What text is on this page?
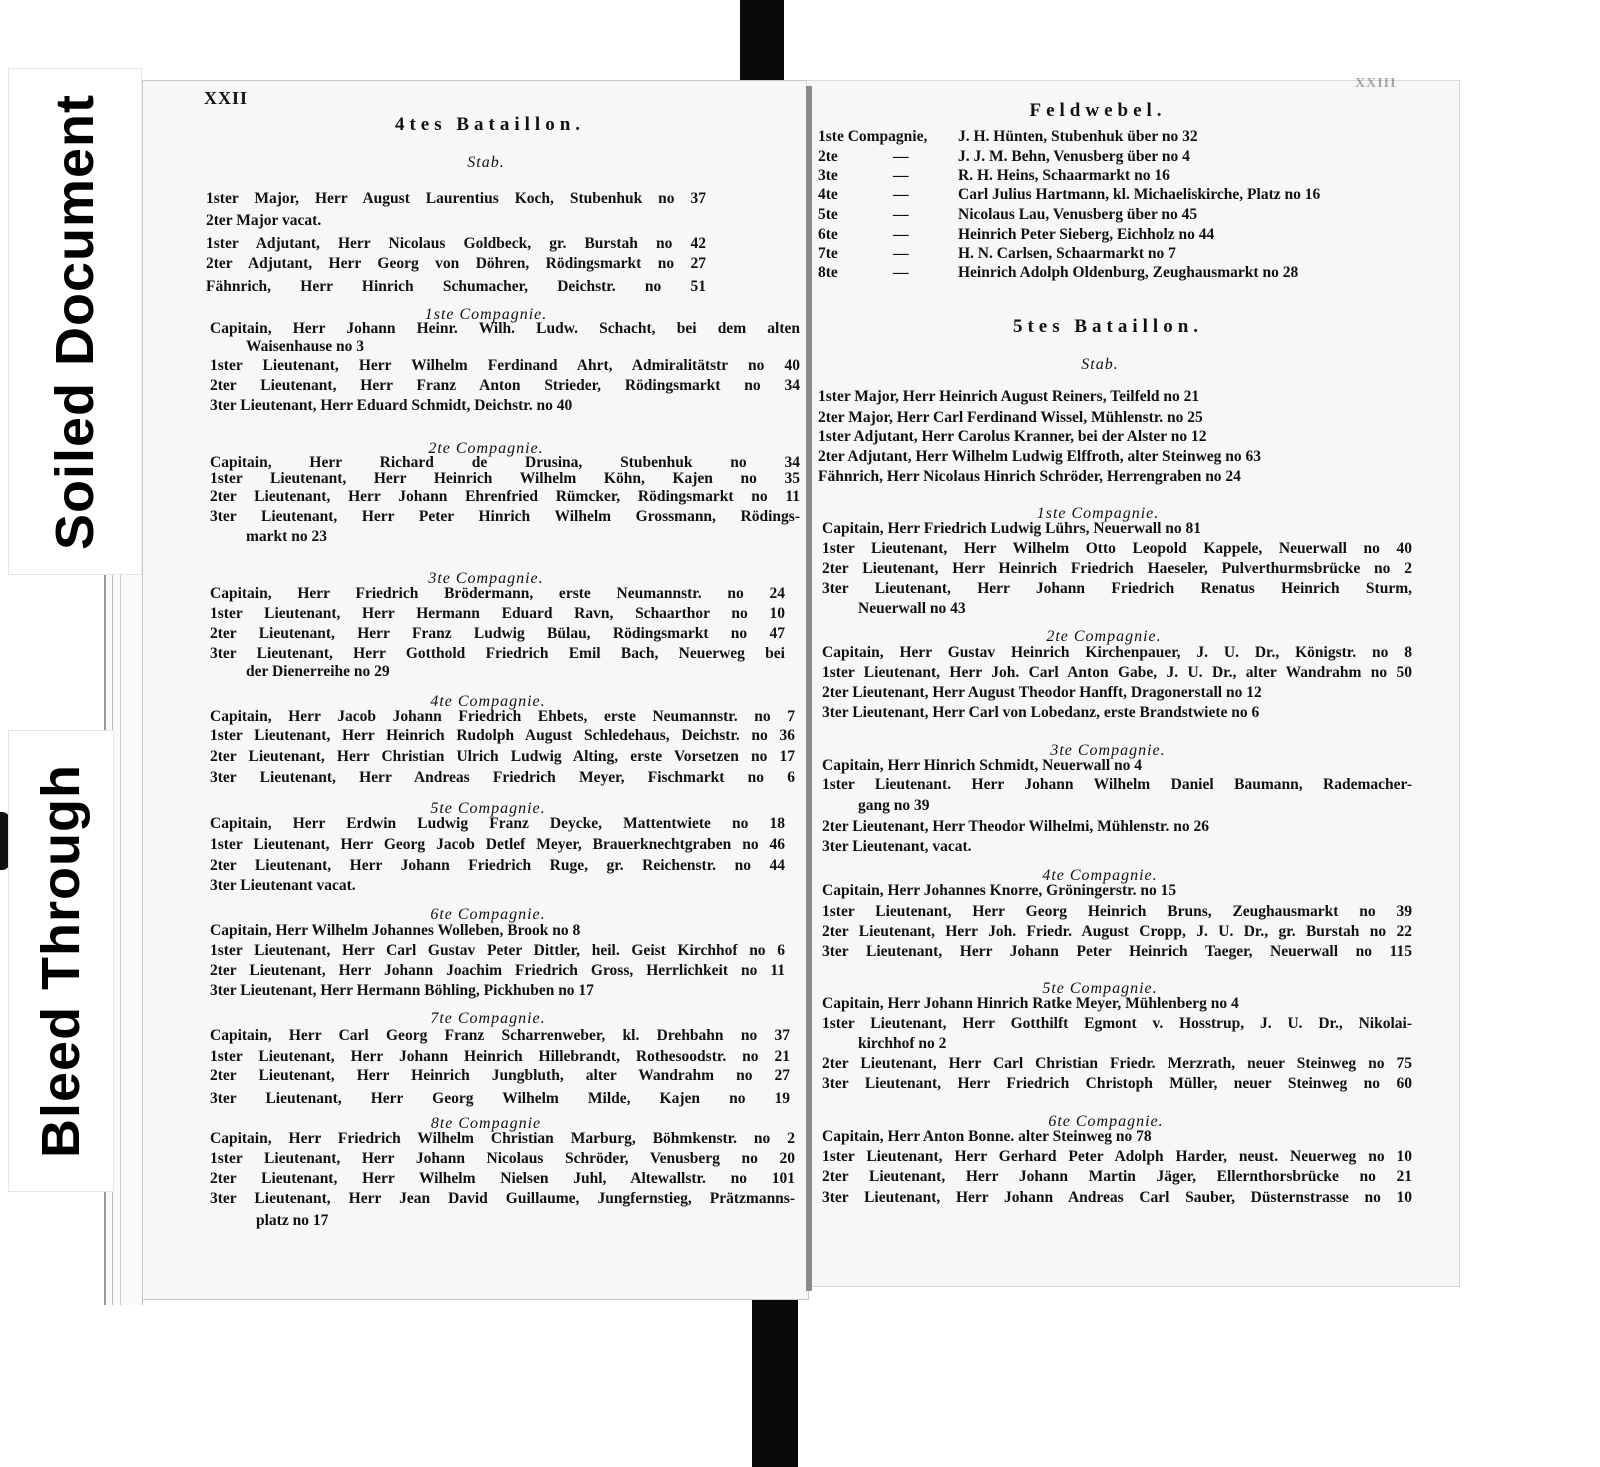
Soiled Document
Bleed Through
XXII
4tes Bataillon.
Stab.
1ster Major, Herr August Laurentius Koch, Stubenhuk no 37
2ter Major vacat.
1ster Adjutant, Herr Nicolaus Goldbeck, gr. Burstah no 42
2ter Adjutant, Herr Georg von Döhren, Rödingsmarkt no 27
Fähnrich, Herr Hinrich Schumacher, Deichstr. no 51
1ste Compagnie.
Capitain, Herr Johann Heinr. Wilh. Ludw. Schacht, bei dem alten
Waisenhause no 3
1ster Lieutenant, Herr Wilhelm Ferdinand Ahrt, Admiralitätstr no 40
2ter Lieutenant, Herr Franz Anton Strieder, Rödingsmarkt no 34
3ter Lieutenant, Herr Eduard Schmidt, Deichstr. no 40
2te Compagnie.
Capitain, Herr Richard de Drusina, Stubenhuk no 34
1ster Lieutenant, Herr Heinrich Wilhelm Köhn, Kajen no 35
2ter Lieutenant, Herr Johann Ehrenfried Rümcker, Rödingsmarkt no 11
3ter Lieutenant, Herr Peter Hinrich Wilhelm Grossmann, Rödings-
markt no 23
3te Compagnie.
Capitain, Herr Friedrich Brödermann, erste Neumannstr. no 24
1ster Lieutenant, Herr Hermann Eduard Ravn, Schaarthor no 10
2ter Lieutenant, Herr Franz Ludwig Bülau, Rödingsmarkt no 47
3ter Lieutenant, Herr Gotthold Friedrich Emil Bach, Neuerweg bei
der Dienerreihe no 29
4te Compagnie.
Capitain, Herr Jacob Johann Friedrich Ehbets, erste Neumannstr. no 7
1ster Lieutenant, Herr Heinrich Rudolph August Schledehaus, Deichstr. no 36
2ter Lieutenant, Herr Christian Ulrich Ludwig Alting, erste Vorsetzen no 17
3ter Lieutenant, Herr Andreas Friedrich Meyer, Fischmarkt no 6
5te Compagnie.
Capitain, Herr Erdwin Ludwig Franz Deycke, Mattentwiete no 18
1ster Lieutenant, Herr Georg Jacob Detlef Meyer, Brauerknechtgraben no 46
2ter Lieutenant, Herr Johann Friedrich Ruge, gr. Reichenstr. no 44
3ter Lieutenant vacat.
6te Compagnie.
Capitain, Herr Wilhelm Johannes Wolleben, Brook no 8
1ster Lieutenant, Herr Carl Gustav Peter Dittler, heil. Geist Kirchhof no 6
2ter Lieutenant, Herr Johann Joachim Friedrich Gross, Herrlichkeit no 11
3ter Lieutenant, Herr Hermann Böhling, Pickhuben no 17
7te Compagnie.
Capitain, Herr Carl Georg Franz Scharrenweber, kl. Drehbahn no 37
1ster Lieutenant, Herr Johann Heinrich Hillebrandt, Rothesoodstr. no 21
2ter Lieutenant, Herr Heinrich Jungbluth, alter Wandrahm no 27
3ter Lieutenant, Herr Georg Wilhelm Milde, Kajen no 19
8te Compagnie
Capitain, Herr Friedrich Wilhelm Christian Marburg, Böhmkenstr. no 2
1ster Lieutenant, Herr Johann Nicolaus Schröder, Venusberg no 20
2ter Lieutenant, Herr Wilhelm Nielsen Juhl, Altewallstr. no 101
3ter Lieutenant, Herr Jean David Guillaume, Jungfernstieg, Prätzmanns-
platz no 17
Feldwebel.
1ste Compagnie, J. H. Hünten, Stubenhuk über no 32
2te	—	J. J. M. Behn, Venusberg über no 4
3te	—	R. H. Heins, Schaarmarkt no 16
4te	—	Carl Julius Hartmann, kl. Michaeliskirche, Platz no 16
5te	—	Nicolaus Lau, Venusberg über no 45
6te	—	Heinrich Peter Sieberg, Eichholz no 44
7te	—	H. N. Carlsen, Schaarmarkt no 7
8te	—	Heinrich Adolph Oldenburg, Zeughausmarkt no 28
5tes Bataillon.
Stab.
1ster Major, Herr Heinrich August Reiners, Teilfeld no 21
2ter Major, Herr Carl Ferdinand Wissel, Mühlenstr. no 25
1ster Adjutant, Herr Carolus Kranner, bei der Alster no 12
2ter Adjutant, Herr Wilhelm Ludwig Elffroth, alter Steinweg no 63
Fähnrich, Herr Nicolaus Hinrich Schröder, Herrengraben no 24
1ste Compagnie.
Capitain, Herr Friedrich Ludwig Lührs, Neuerwall no 81
1ster Lieutenant, Herr Wilhelm Otto Leopold Kappele, Neuerwall no 40
2ter Lieutenant, Herr Heinrich Friedrich Haeseler, Pulverthurmsbrücke no 2
3ter Lieutenant, Herr Johann Friedrich Renatus Heinrich Sturm,
Neuerwall no 43
2te Compagnie.
Capitain, Herr Gustav Heinrich Kirchenpauer, J. U. Dr., Königstr. no 8
1ster Lieutenant, Herr Joh. Carl Anton Gabe, J. U. Dr., alter Wandrahm no 50
2ter Lieutenant, Herr August Theodor Hanfft, Dragonerstall no 12
3ter Lieutenant, Herr Carl von Lobedanz, erste Brandstwiete no 6
3te Compagnie.
Capitain, Herr Hinrich Schmidt, Neuerwall no 4
1ster Lieutenant. Herr Johann Wilhelm Daniel Baumann, Rademacher-
gang no 39
2ter Lieutenant, Herr Theodor Wilhelmi, Mühlenstr. no 26
3ter Lieutenant, vacat.
4te Compagnie.
Capitain, Herr Johannes Knorre, Gröningerstr. no 15
1ster Lieutenant, Herr Georg Heinrich Bruns, Zeughausmarkt no 39
2ter Lieutenant, Herr Joh. Friedr. August Cropp, J. U. Dr., gr. Burstah no 22
3ter Lieutenant, Herr Johann Peter Heinrich Taeger, Neuerwall no 115
5te Compagnie.
Capitain, Herr Johann Hinrich Ratke Meyer, Mühlenberg no 4
1ster Lieutenant, Herr Gotthilft Egmont v. Hosstrup, J. U. Dr., Nikolai-
kirchhof no 2
2ter Lieutenant, Herr Carl Christian Friedr. Merzrath, neuer Steinweg no 75
3ter Lieutenant, Herr Friedrich Christoph Müller, neuer Steinweg no 60
6te Compagnie.
Capitain, Herr Anton Bonne. alter Steinweg no 78
1ster Lieutenant, Herr Gerhard Peter Adolph Harder, neust. Neuerweg no 10
2ter Lieutenant, Herr Johann Martin Jäger, Ellernthorsbrücke no 21
3ter Lieutenant, Herr Johann Andreas Carl Sauber, Düsternstrasse no 10
XXIII
